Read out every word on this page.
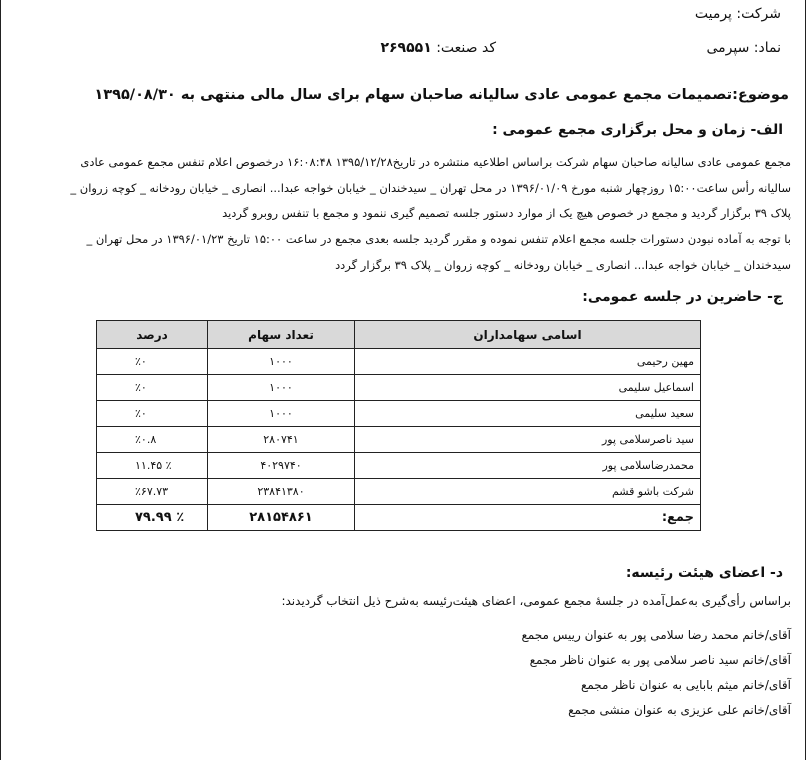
شرکت: پرمیت
نماد: سپرمی
کد صنعت: ۲۶۹۵۵۱
موضوع:تصمیمات مجمع عمومی عادی سالیانه صاحبان سهام برای سال مالی منتهی به ۱۳۹۵/۰۸/۳۰
الف- زمان و محل برگزاری مجمع عمومی :
مجمع عمومی عادی سالیانه صاحبان سهام شرکت براساس اطلاعیه منتشره در تاریخ۱۳۹۵/۱۲/۲۸ ۱۶:۰۸:۴۸ درخصوص اعلام تنفس مجمع عمومی عادی
سالیانه رأس ساعت۱۵:۰۰ روزچهار شنبه مورخ ۱۳۹۶/۰۱/۰۹ در محل تهران _ سیدخندان _ خیابان خواجه عبدا... انصاری _ خیابان رودخانه _ کوچه زروان _
پلاک ۳۹ برگزار گردید و مجمع در خصوص هیچ یک از موارد دستور جلسه تصمیم گیری ننمود و مجمع با تنفس روبرو گردید
با توجه به آماده نبودن دستورات جلسه مجمع اعلام تنفس نموده و مقرر گردید جلسه بعدی مجمع در ساعت ۱۵:۰۰ تاریخ ۱۳۹۶/۰۱/۲۳ در محل تهران _
سیدخندان _ خیابان خواجه عبدا... انصاری _ خیابان رودخانه _ کوچه زروان _ پلاک ۳۹ برگزار گردد
ج- حاضرین در جلسه عمومی:
اسامی سهامداران	تعداد سهام	درصد
مهین رحیمی	۱۰۰۰	٪۰
اسماعیل سلیمی	۱۰۰۰	٪۰
سعید سلیمی	۱۰۰۰	٪۰
سید ناصرسلامی پور	۲۸۰۷۴۱	٪۰.۸
محمدرضاسلامی پور	۴۰۲۹۷۴۰	٪ ۱۱.۴۵
شرکت باشو قشم	۲۳۸۴۱۳۸۰	٪۶۷.۷۳
جمع:	۲۸۱۵۴۸۶۱	٪ ۷۹.۹۹
د- اعضای هیئت رئیسه:
براساس رأی‌گیری به‌عمل‌آمده در جلسهٔ مجمع عمومی، اعضای هیئت‌رئیسه به‌شرح ذیل انتخاب گردیدند:
آقای/خانم محمد رضا سلامی پور به عنوان رییس مجمع
آقای/خانم سید ناصر سلامی پور به عنوان ناظر مجمع
آقای/خانم میثم بابایی به عنوان ناظر مجمع
آقای/خانم علی عزیزی به عنوان منشی مجمع
